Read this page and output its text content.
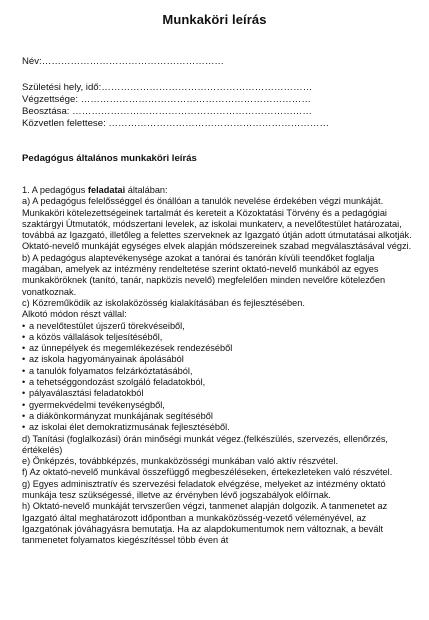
Munkaköri leírás
Név:…………………………………………………
Születési hely, idő:…………………………………………………………
Végzettsége: ………………………………………………………………
Beosztása: …………………………………………………………………
Közvetlen felettese: ……………………………………………………………
Pedagógus általános munkaköri leírás

1. A pedagógus feladatai általában:

a) A pedagógus felelősséggel és önállóan a tanulók nevelése érdekében végzi munkáját. Munkaköri kötelezettségeinek tartalmát és kereteit a Közoktatási Törvény és a pedagógiai szaktárgyi Útmutatók, módszertani levelek, az iskolai munkaterv, a nevelőtestület határozatai, továbbá az Igazgató, illetőleg a felettes szerveknek az Igazgató útján adott útmutatásai alkotják. Oktató-nevelő munkáját egységes elvek alapján módszereinek szabad megválasztásával végzi.

b) A pedagógus alaptevékenysége azokat a tanórai és tanórán kívüli teendőket foglalja magában, amelyek az intézmény rendeltetése szerint oktató-nevelő munkából az egyes munkaköröknek (tanító, tanár, napközis nevelő) megfelelően minden nevelőre kötelezően vonatkoznak.

c) Közreműködik az iskolaközösség kialakításában és fejlesztésében.

Alkotó módon részt vállal:

• a nevelőtestület újszerű törekvéseiből,
• a közös vállalások teljesítéséből,
• az ünnepélyek és megemlékezések rendezéséből
• az iskola hagyományainak ápolásából
• a tanulók folyamatos felzárkóztatásából,
• a tehetséggondozást szolgáló feladatokból,
• pályaválasztási feladatokból
• gyermekvédelmi tevékenységből,
• a diákönkormányzat munkájának segítéséből
• az iskolai élet demokratizmusának fejlesztéséből.

d) Tanítási (foglalkozási) órán minőségi munkát végez.(felkészülés, szervezés, ellenőrzés, értékelés)

e) Önképzés, továbbképzés, munkaközösségi munkában való aktív részvétel.

f) Az oktató-nevelő munkával összefüggő megbeszéléseken, értekezleteken való részvétel.

g) Egyes adminisztratív és szervezési feladatok elvégzése, melyeket az intézmény oktató munkája tesz szükségessé, illetve az érvényben lévő jogszabályok előírnak.

h) Oktató-nevelő munkáját tervszerűen végzi, tanmenet alapján dolgozik. A tanmenetet az Igazgató által meghatározott időpontban a munkaközösség-vezető véleményével, az Igazgatónak jóváhagyásra bemutatja. Ha az alapdokumentumok nem változnak, a bevált tanmenetet folyamatos kiegészítéssel több éven át
